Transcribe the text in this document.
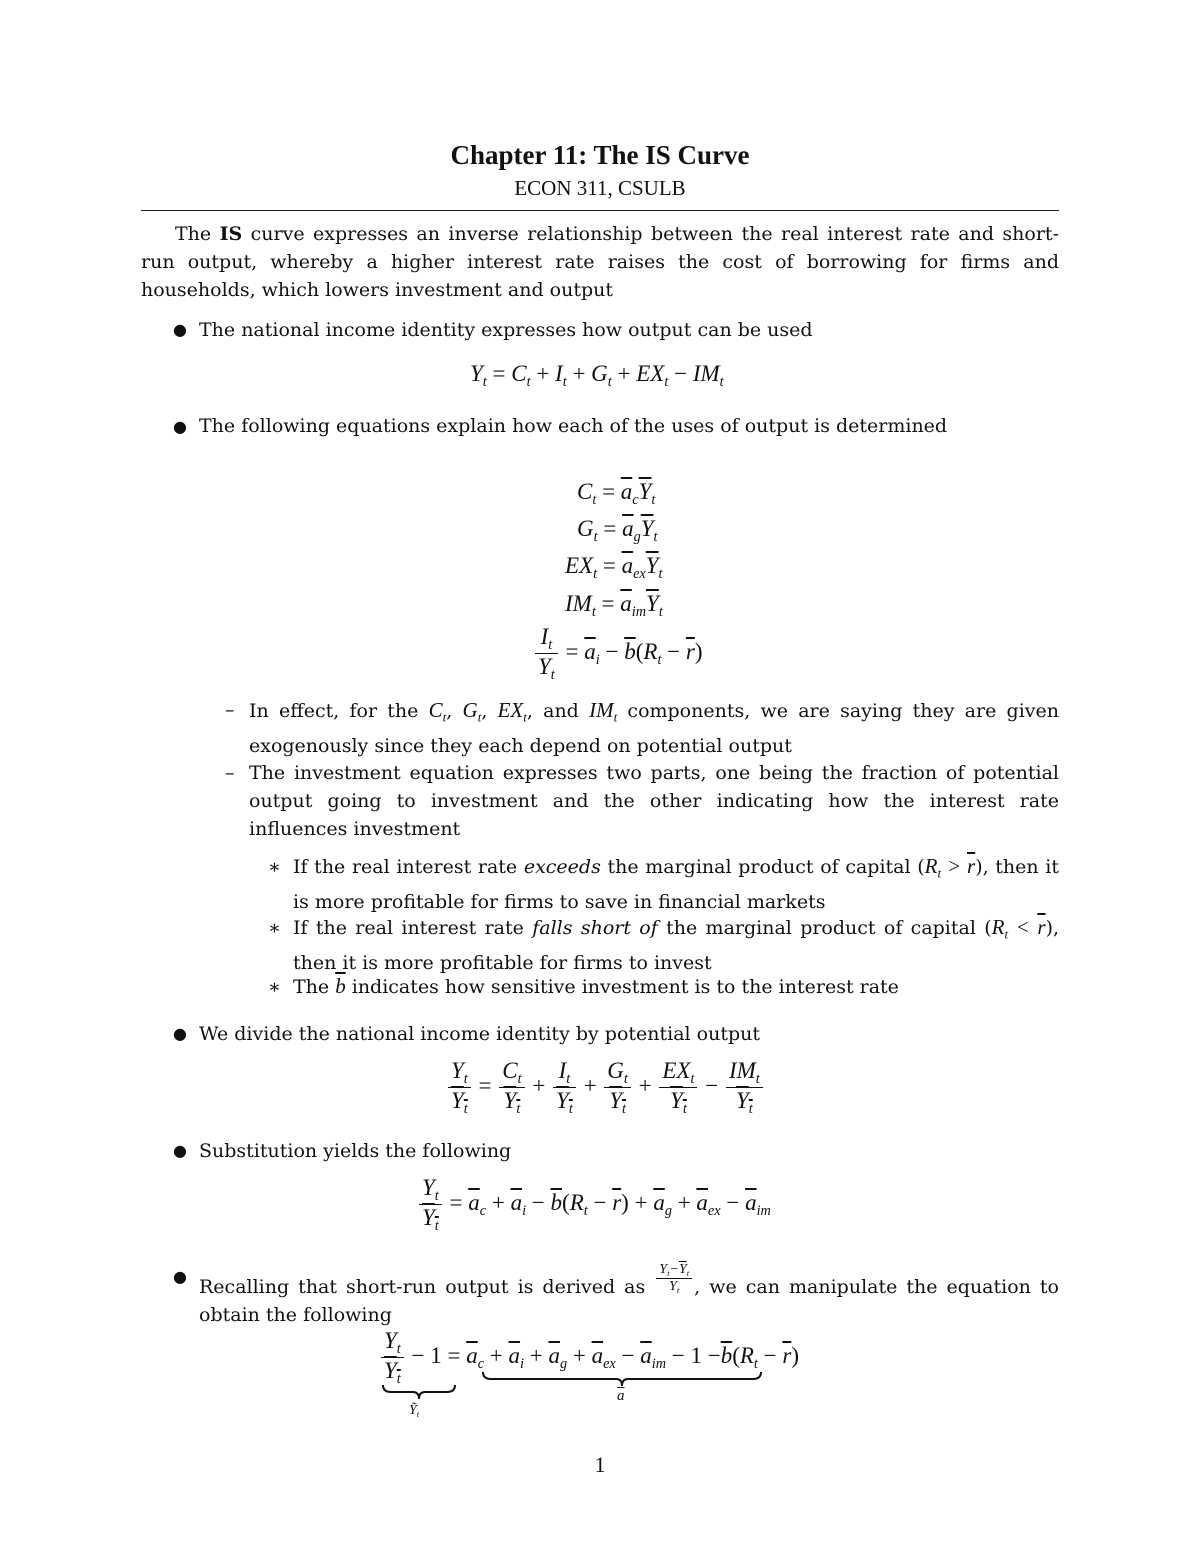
Chapter 11: The IS Curve
ECON 311, CSULB
The IS curve expresses an inverse relationship between the real interest rate and short-run output, whereby a higher interest rate raises the cost of borrowing for firms and households, which lowers investment and output
● The national income identity expresses how output can be used
$Y_t = C_t + I_t + G_t + EX_t - IM_t$
● The following equations explain how each of the uses of output is determined
$C_t = \overline{a}_c\overline{Y}_t$
$G_t = \overline{a}_g\overline{Y}_t$
$EX_t = \overline{a}_{ex}\overline{Y}_t$
$IM_t = \overline{a}_{im}\overline{Y}_t$
$\frac{I_t}{Y_t} = \overline{a}_i - \overline{b}(R_t - \overline{r})$
– In effect, for the $C_t$, $G_t$, $EX_t$, and $IM_t$ components, we are saying they are given exogenously since they each depend on potential output
– The investment equation expresses two parts, one being the fraction of potential output going to investment and the other indicating how the interest rate influences investment
∗ If the real interest rate exceeds the marginal product of capital $(R_t > \overline{r})$, then it is more profitable for firms to save in financial markets
∗ If the real interest rate falls short of the marginal product of capital $(R_t < \overline{r})$, then it is more profitable for firms to invest
∗ The $\overline{b}$ indicates how sensitive investment is to the interest rate
● We divide the national income identity by potential output
$\frac{Y_t}{Y_t} = \frac{C_t}{Y_t} + \frac{I_t}{Y_t} + \frac{G_t}{Y_t} + \frac{EX_t}{Y_t} - \frac{IM_t}{Y_t}$
● Substitution yields the following
$\frac{Y_t}{Y_t} = \overline{a}_c + \overline{a}_i - \overline{b}(R_t - \overline{r}) + \overline{a}_g + \overline{a}_{ex} - \overline{a}_{im}$
● Recalling that short-run output is derived as $\frac{Y_t-\overline{Y}_t}{\overline{Y}_t}$ , we can manipulate the equation to obtain the following
$\frac{Y_t}{Y_t} - 1 = \overline{a}_c + \overline{a}_i + \overline{a}_g + \overline{a}_{ex} - \overline{a}_{im} - 1 -\overline{b}(R_t - \overline{r})$
Ỹ$_t$
$\overline{a}$
1
